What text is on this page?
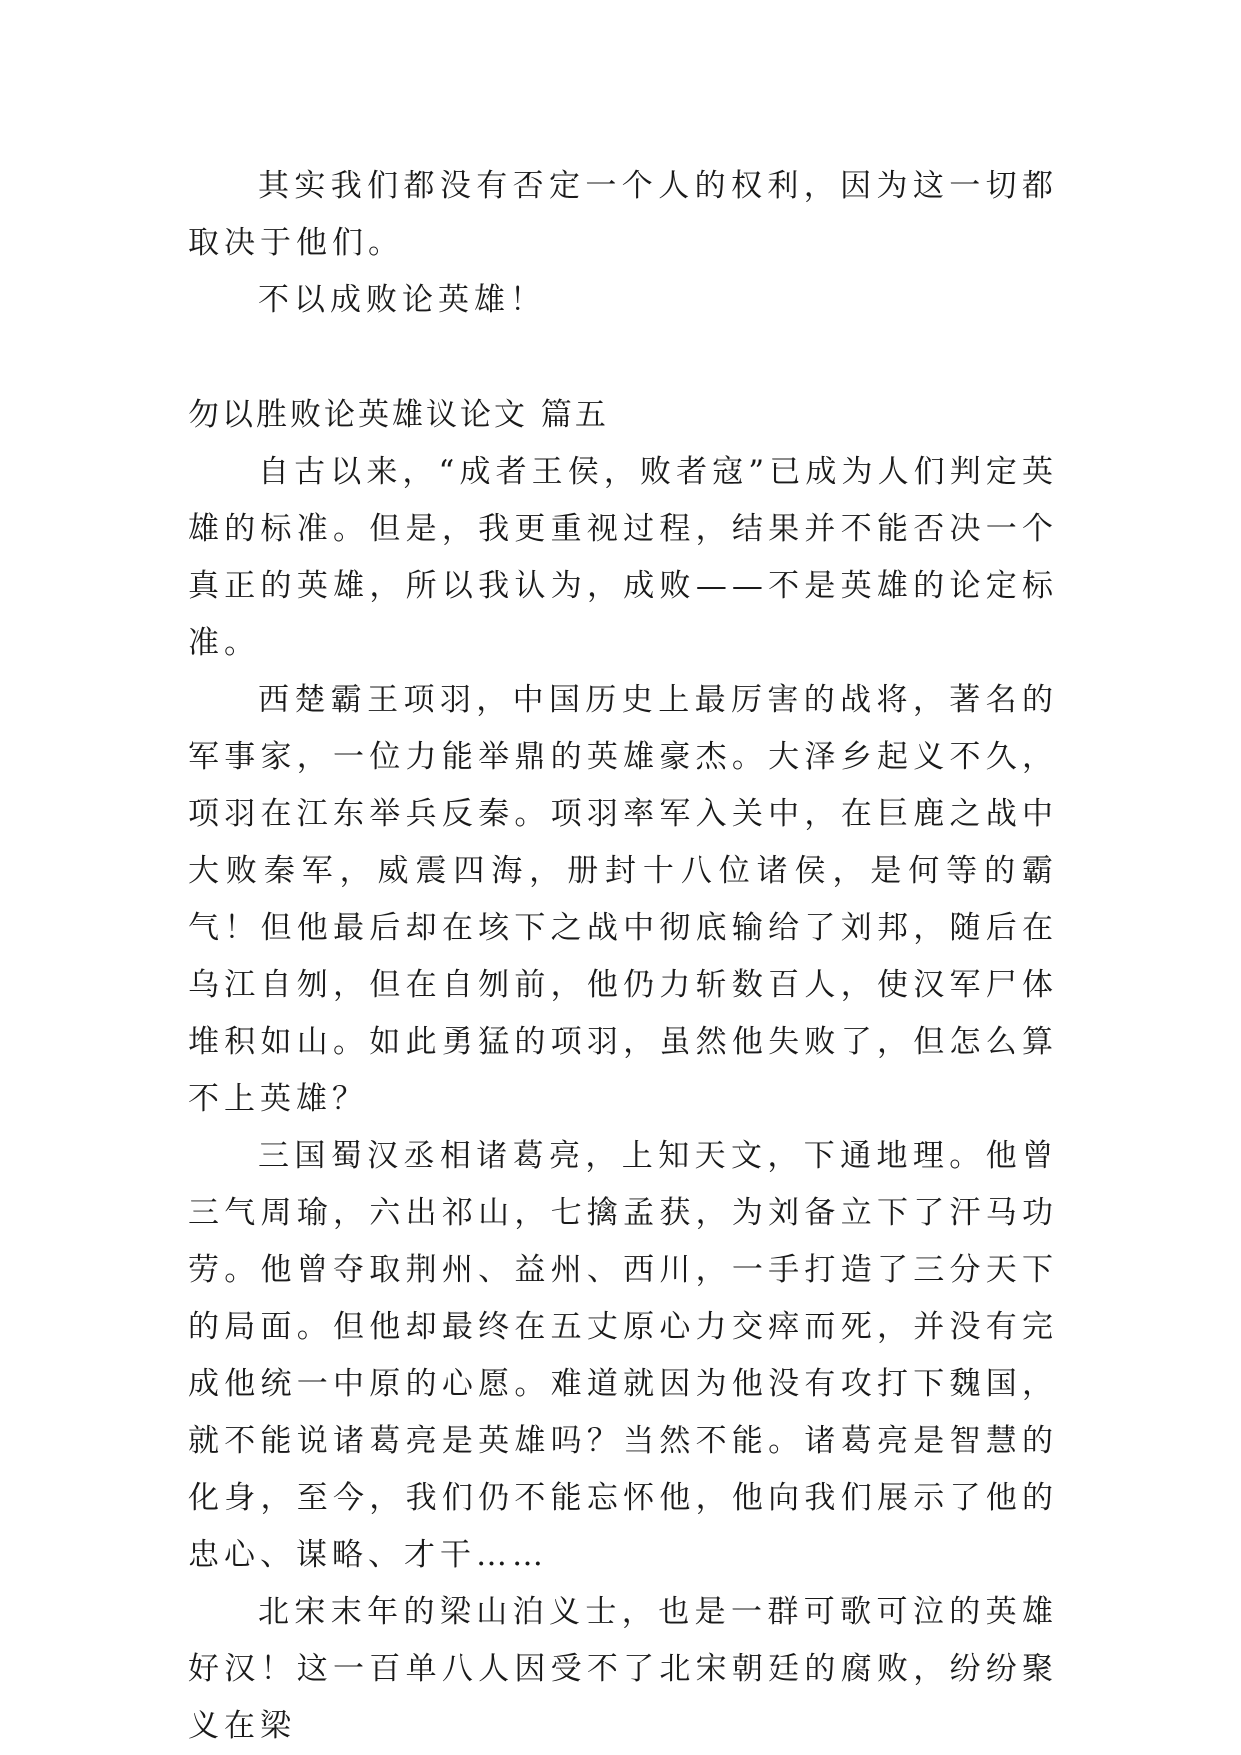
其实我们都没有否定一个人的权利，因为这一切都取决于他们。

不以成败论英雄！

勿以胜败论英雄议论文 篇五

自古以来，“成者王侯，败者寇”已成为人们判定英雄的标准。但是，我更重视过程，结果并不能否决一个真正的英雄，所以我认为，成败——不是英雄的论定标准。

西楚霸王项羽，中国历史上最厉害的战将，著名的军事家，一位力能举鼎的英雄豪杰。大泽乡起义不久，项羽在江东举兵反秦。项羽率军入关中，在巨鹿之战中大败秦军，威震四海，册封十八位诸侯，是何等的霸气！但他最后却在垓下之战中彻底输给了刘邦，随后在乌江自刎，但在自刎前，他仍力斩数百人，使汉军尸体堆积如山。如此勇猛的项羽，虽然他失败了，但怎么算不上英雄？

三国蜀汉丞相诸葛亮，上知天文，下通地理。他曾三气周瑜，六出祁山，七擒孟获，为刘备立下了汗马功劳。他曾夺取荆州、益州、西川，一手打造了三分天下的局面。但他却最终在五丈原心力交瘁而死，并没有完成他统一中原的心愿。难道就因为他没有攻打下魏国，就不能说诸葛亮是英雄吗？当然不能。诸葛亮是智慧的化身，至今，我们仍不能忘怀他，他向我们展示了他的忠心、谋略、才干……

北宋末年的梁山泊义士，也是一群可歌可泣的英雄好汉！这一百单八人因受不了北宋朝廷的腐败，纷纷聚义在梁
